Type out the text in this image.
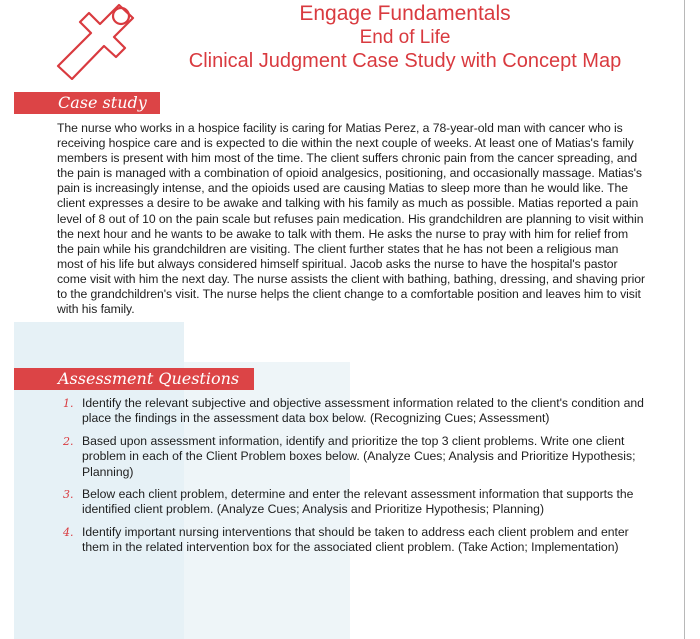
Engage Fundamentals
End of Life
Clinical Judgment Case Study with Concept Map
Case study
The nurse who works in a hospice facility is caring for Matias Perez, a 78-year-old man with cancer who is receiving hospice care and is expected to die within the next couple of weeks. At least one of Matias's family members is present with him most of the time. The client suffers chronic pain from the cancer spreading, and the pain is managed with a combination of opioid analgesics, positioning, and occasionally massage. Matias's pain is increasingly intense, and the opioids used are causing Matias to sleep more than he would like. The client expresses a desire to be awake and talking with his family as much as possible. Matias reported a pain level of 8 out of 10 on the pain scale but refuses pain medication. His grandchildren are planning to visit within the next hour and he wants to be awake to talk with them. He asks the nurse to pray with him for relief from the pain while his grandchildren are visiting. The client further states that he has not been a religious man most of his life but always considered himself spiritual. Jacob asks the nurse to have the hospital's pastor come visit with him the next day. The nurse assists the client with bathing, bathing, dressing, and shaving prior to the grandchildren's visit. The nurse helps the client change to a comfortable position and leaves him to visit with his family.
Assessment Questions
1. Identify the relevant subjective and objective assessment information related to the client's condition and place the findings in the assessment data box below. (Recognizing Cues; Assessment)
2. Based upon assessment information, identify and prioritize the top 3 client problems. Write one client problem in each of the Client Problem boxes below. (Analyze Cues; Analysis and Prioritize Hypothesis; Planning)
3. Below each client problem, determine and enter the relevant assessment information that supports the identified client problem. (Analyze Cues; Analysis and Prioritize Hypothesis; Planning)
4. Identify important nursing interventions that should be taken to address each client problem and enter them in the related intervention box for the associated client problem. (Take Action; Implementation)
